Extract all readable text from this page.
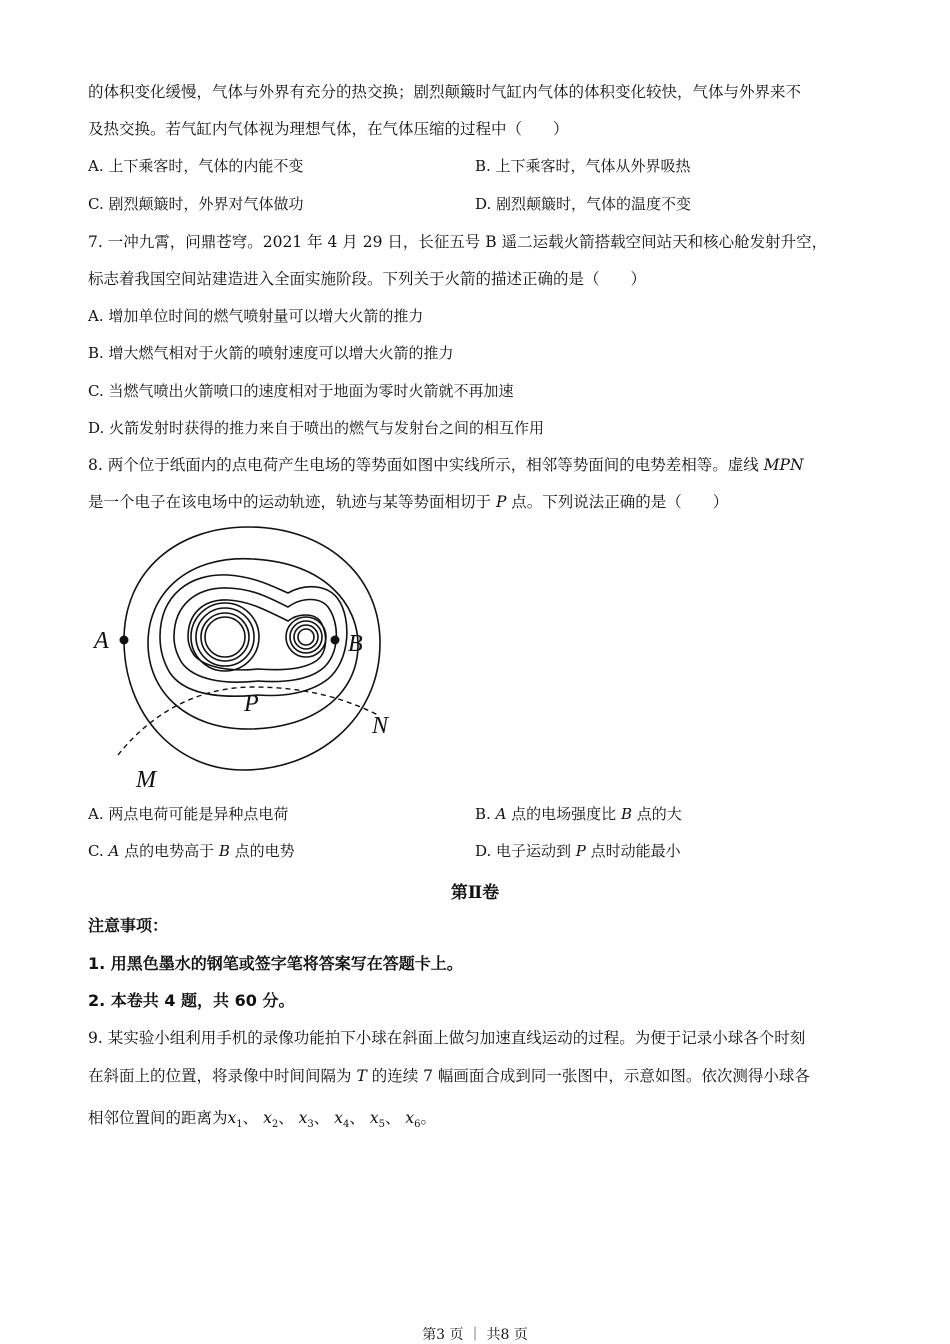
的体积变化缓慢，气体与外界有充分的热交换；剧烈颠簸时气缸内气体的体积变化较快，气体与外界来不
及热交换。若气缸内气体视为理想气体，在气体压缩的过程中（　　）
A. 上下乘客时，气体的内能不变	B. 上下乘客时，气体从外界吸热
C. 剧烈颠簸时，外界对气体做功	D. 剧烈颠簸时，气体的温度不变
7. 一冲九霄，问鼎苍穹。2021 年 4 月 29 日，长征五号 B 遥二运载火箭搭载空间站天和核心舱发射升空，
标志着我国空间站建造进入全面实施阶段。下列关于火箭的描述正确的是（　　）
A. 增加单位时间的燃气喷射量可以增大火箭的推力
B. 增大燃气相对于火箭的喷射速度可以增大火箭的推力
C. 当燃气喷出火箭喷口的速度相对于地面为零时火箭就不再加速
D. 火箭发射时获得的推力来自于喷出的燃气与发射台之间的相互作用
8. 两个位于纸面内的点电荷产生电场的等势面如图中实线所示，相邻等势面间的电势差相等。虚线 MPN
是一个电子在该电场中的运动轨迹，轨迹与某等势面相切于 P 点。下列说法正确的是（　　）
A	B
P
N
M
A. 两点电荷可能是异种点电荷	B. A 点的电场强度比 B 点的大
C. A 点的电势高于 B 点的电势	D. 电子运动到 P 点时动能最小
第Ⅱ卷
注意事项：
1. 用黑色墨水的钢笔或签字笔将答案写在答题卡上。
2. 本卷共 4 题，共 60 分。
9. 某实验小组利用手机的录像功能拍下小球在斜面上做匀加速直线运动的过程。为便于记录小球各个时刻
在斜面上的位置，将录像中时间间隔为 T 的连续 7 幅画面合成到同一张图中，示意如图。依次测得小球各
相邻位置间的距离为$x_1$、 $x_2$、 $x_3$、 $x_4$、 $x_5$、 $x_6$。
第3 页 ｜ 共8 页
